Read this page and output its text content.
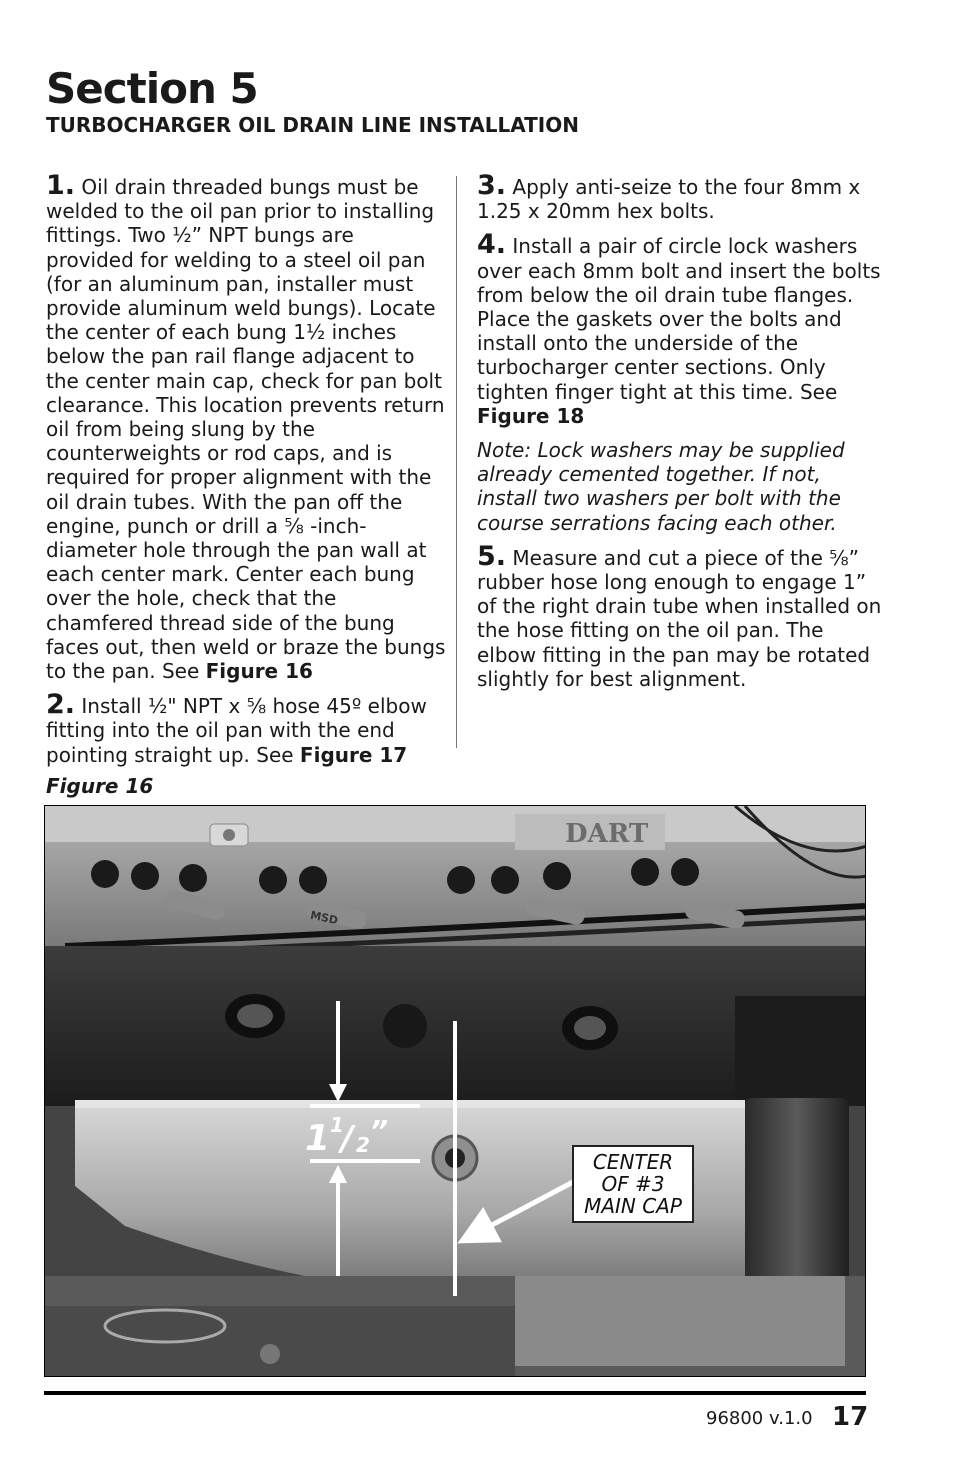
Section 5
TURBOCHARGER OIL DRAIN LINE INSTALLATION

1. Oil drain threaded bungs must be welded to the oil pan prior to installing fittings. Two ½” NPT bungs are provided for welding to a steel oil pan (for an aluminum pan, installer must provide aluminum weld bungs). Locate the center of each bung 1½ inches below the pan rail flange adjacent to the center main cap, check for pan bolt clearance. This location prevents return oil from being slung by the counterweights or rod caps, and is required for proper alignment with the oil drain tubes. With the pan off the engine, punch or drill a ⅝ -inch-diameter hole through the pan wall at each center mark. Center each bung over the hole, check that the chamfered thread side of the bung faces out, then weld or braze the bungs to the pan. See Figure 16

2. Install ½" NPT x ⅝ hose 45º elbow fitting into the oil pan with the end pointing straight up. See Figure 17

3. Apply anti-seize to the four 8mm x 1.25 x 20mm hex bolts.

4. Install a pair of circle lock washers over each 8mm bolt and insert the bolts from below the oil drain tube flanges. Place the gaskets over the bolts and install onto the underside of the turbocharger center sections. Only tighten finger tight at this time. See Figure 18

Note: Lock washers may be supplied already cemented together. If not, install two washers per bolt with the course serrations facing each other.

5. Measure and cut a piece of the ⅝” rubber hose long enough to engage 1” of the right drain tube when installed on the hose fitting on the oil pan. The elbow fitting in the pan may be rotated slightly for best alignment.

Figure 16

DART
MSD
1 1
/ 2 ”
CENTER
OF #3
MAIN CAP
96800 v.1.0 17
